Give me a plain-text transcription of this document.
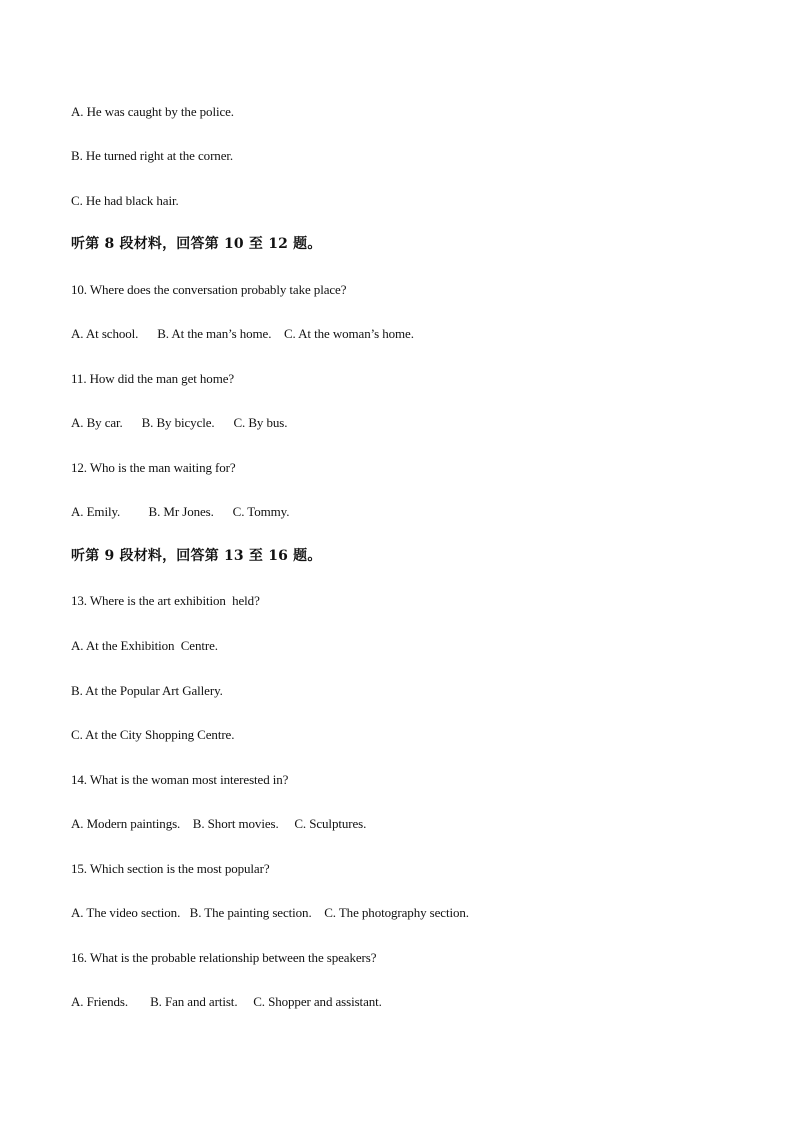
A. He was caught by the police.
B. He turned right at the corner.
C. He had black hair.
听第 8 段材料，回答第 10 至 12 题。
10. Where does the conversation probably take place?
A. At school.      B. At the man’s home.    C. At the woman’s home.
11. How did the man get home?
A. By car.      B. By bicycle.      C. By bus.
12. Who is the man waiting for?
A. Emily.         B. Mr Jones.      C. Tommy.
听第 9 段材料，回答第 13 至 16 题。
13. Where is the art exhibition  held?
A. At the Exhibition  Centre.
B. At the Popular Art Gallery.
C. At the City Shopping Centre.
14. What is the woman most interested in?
A. Modern paintings.    B. Short movies.     C. Sculptures.
15. Which section is the most popular?
A. The video section.   B. The painting section.    C. The photography section.
16. What is the probable relationship between the speakers?
A. Friends.       B. Fan and artist.     C. Shopper and assistant.
